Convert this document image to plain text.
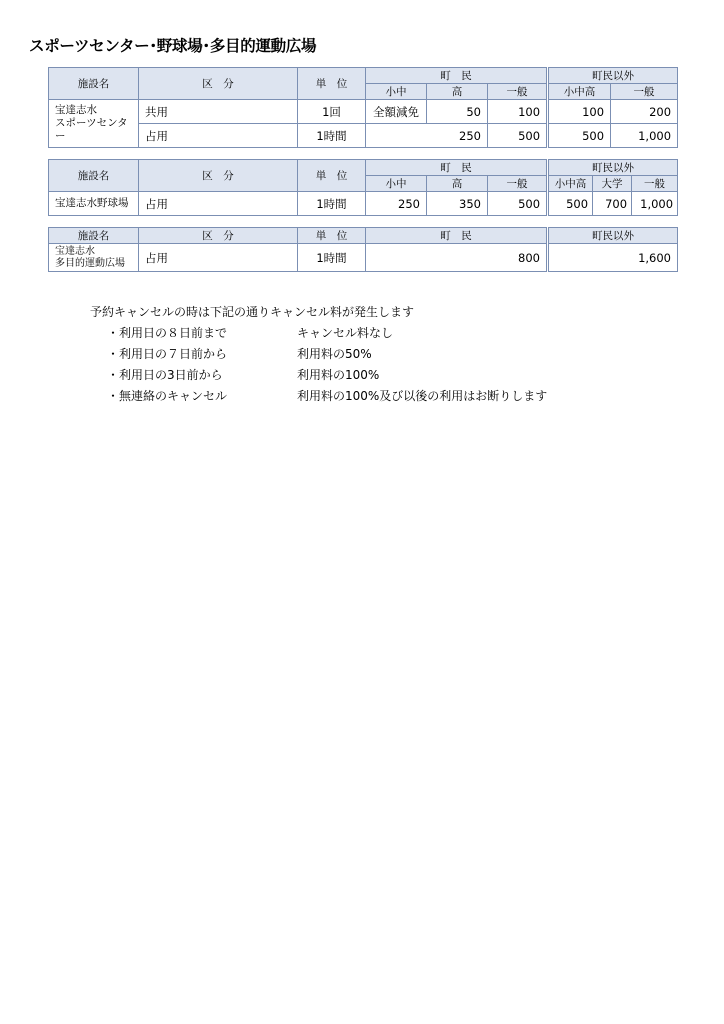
スポーツセンター･野球場･多目的運動広場
施設名	区　分	単　位	町　民			町民以外	
			小中	高	一般	小中高	一般

宝達志水
スポーツセンター	共用	1回	全額減免	50	100	100	200
	占用	1時間	250		500	500	1,000
施設名	区　分	単　位	町　民			町民以外		
			小中	高	一般	小中高	大学	一般
宝達志水野球場	占用	1時間	250	350	500	500	700	1,000
施設名	区　分	単　位	町　民	町民以外

宝達志水
多目的運動広場	占用	1時間	800	1,600
予約キャンセルの時は下記の通りキャンセル料が発生します
・利用日の８日前まで	キャンセル料なし
・利用日の７日前から	利用料の50%
・利用日の3日前から	利用料の100%
・無連絡のキャンセル	利用料の100%及び以後の利用はお断りします
